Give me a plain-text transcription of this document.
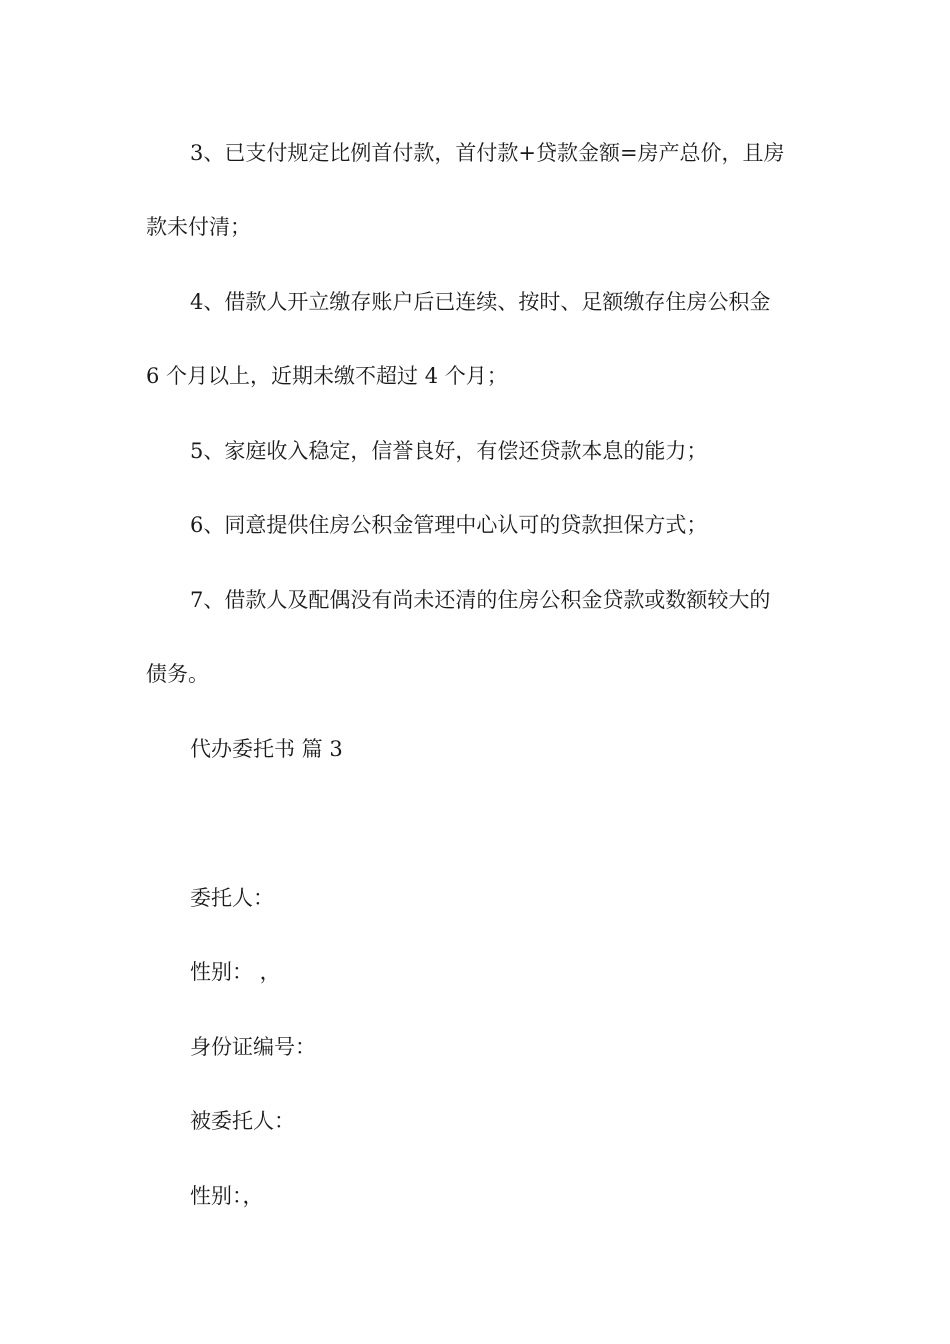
3、已支付规定比例首付款，首付款+贷款金额=房产总价，且房
款未付清；
4、借款人开立缴存账户后已连续、按时、足额缴存住房公积金
6 个月以上，近期未缴不超过 4 个月；
5、家庭收入稳定，信誉良好，有偿还贷款本息的能力；
6、同意提供住房公积金管理中心认可的贷款担保方式；
7、借款人及配偶没有尚未还清的住房公积金贷款或数额较大的
债务。
代办委托书 篇 3
委托人：
性别： ，
身份证编号：
被委托人：
性别：，
